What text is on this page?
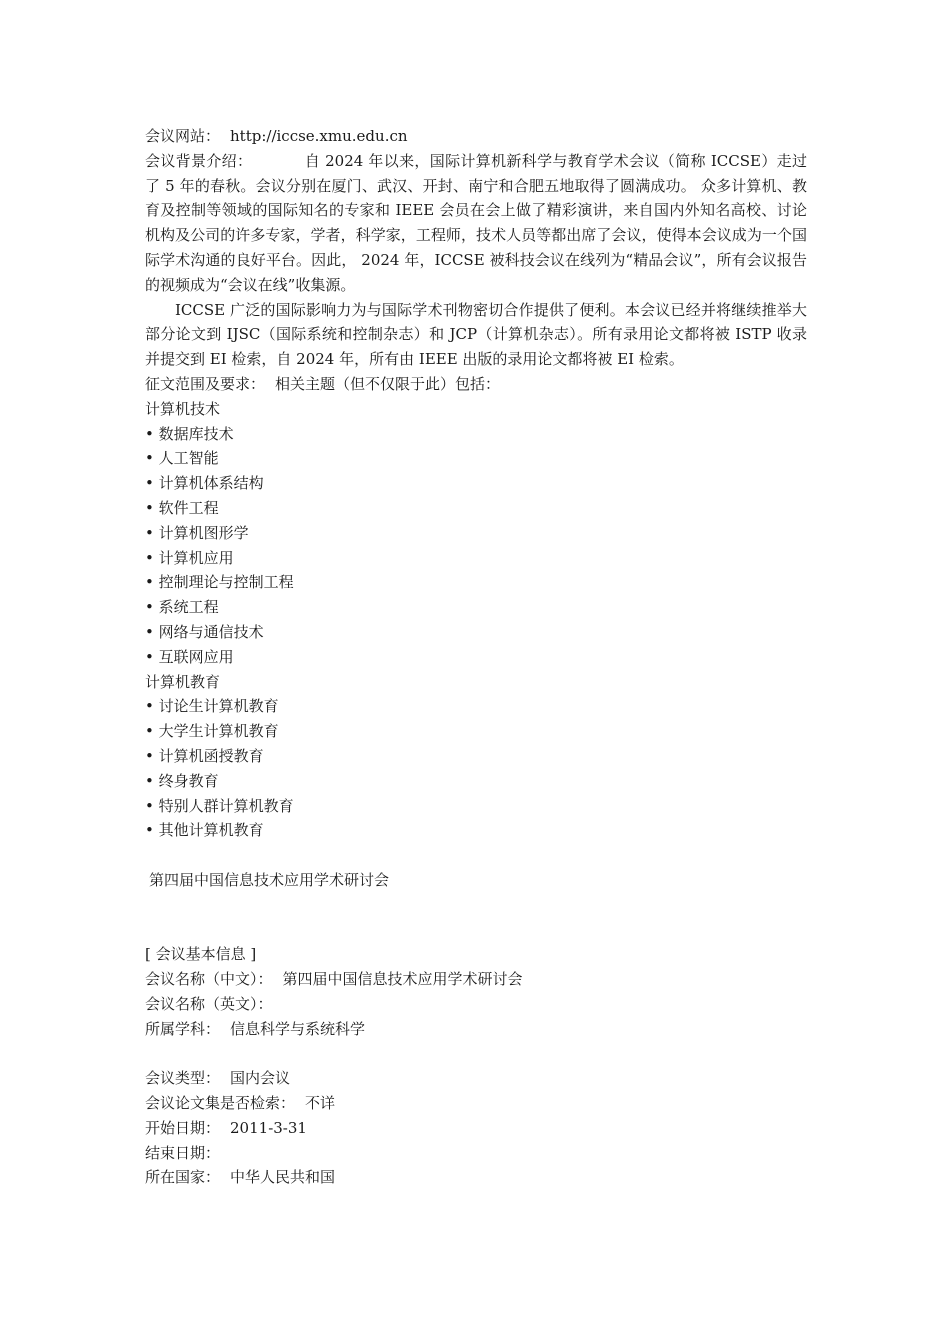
会议网站： http://iccse.xmu.edu.cn
会议背景介绍：	自 2024 年以来，国际计算机新科学与教育学术会议（简称 ICCSE）走过了 5 年的春秋。会议分别在厦门、武汉、开封、南宁和合肥五地取得了圆满成功。 众多计算机、教育及控制等领域的国际知名的专家和 IEEE 会员在会上做了精彩演讲，来自国内外知名高校、讨论机构及公司的许多专家，学者，科学家，工程师，技术人员等都出席了会议，使得本会议成为一个国际学术沟通的良好平台。因此， 2024 年，ICCSE 被科技会议在线列为“精品会议”，所有会议报告的视频成为“会议在线”收集源。
ICCSE 广泛的国际影响力为与国际学术刊物密切合作提供了便利。本会议已经并将继续推举大部分论文到 IJSC（国际系统和控制杂志）和 JCP（计算机杂志）。所有录用论文都将被 ISTP 收录并提交到 EI 检索，自 2024 年，所有由 IEEE 出版的录用论文都将被 EI 检索。
征文范围及要求： 相关主题（但不仅限于此）包括：
计算机技术
• 数据库技术
• 人工智能
• 计算机体系结构
• 软件工程
• 计算机图形学
• 计算机应用
• 控制理论与控制工程
• 系统工程
• 网络与通信技术
• 互联网应用
计算机教育
• 讨论生计算机教育
• 大学生计算机教育
• 计算机函授教育
• 终身教育
• 特别人群计算机教育
• 其他计算机教育
第四届中国信息技术应用学术研讨会
[ 会议基本信息 ]
会议名称（中文）： 第四届中国信息技术应用学术研讨会
会议名称（英文）：
所属学科： 信息科学与系统科学
会议类型： 国内会议
会议论文集是否检索： 不详
开始日期： 2011-3-31
结束日期：
所在国家： 中华人民共和国
